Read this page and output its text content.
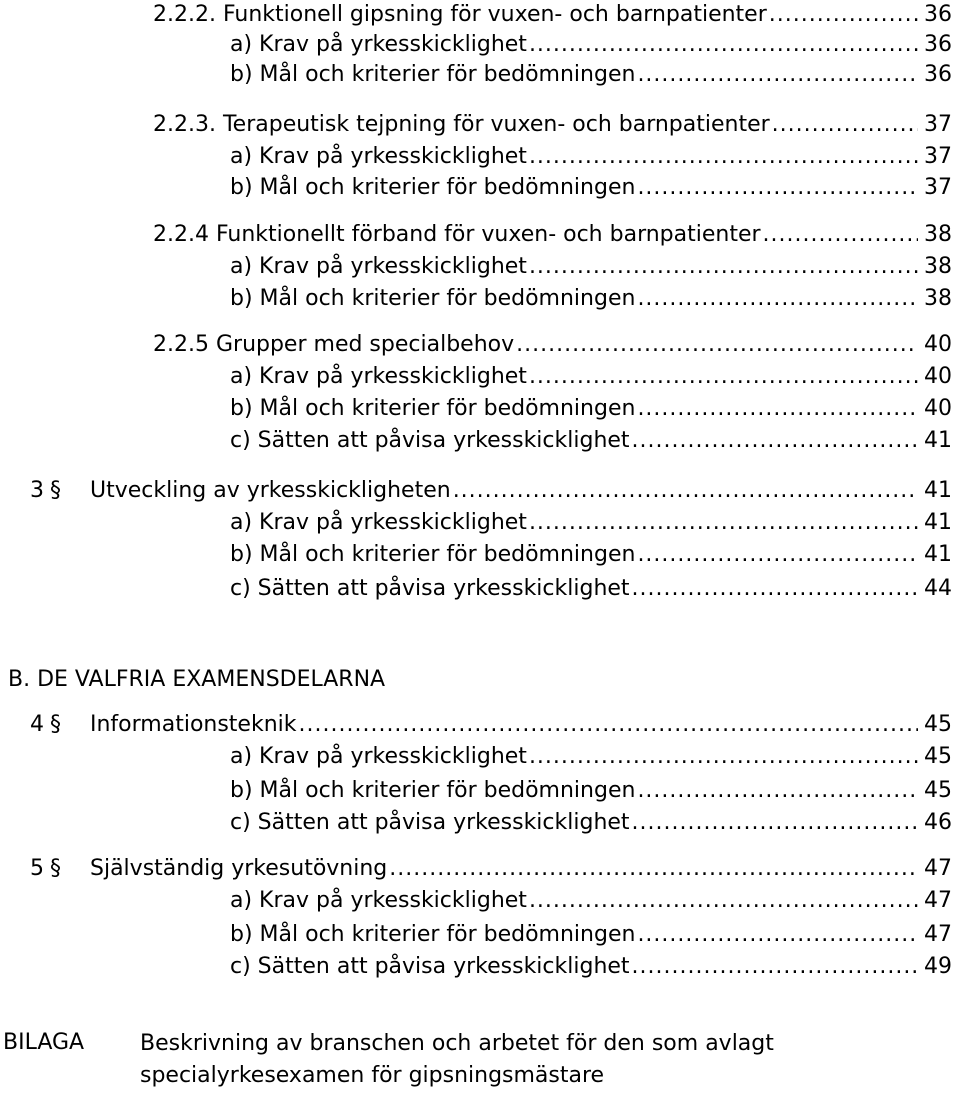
2.2.2. Funktionell gipsning för vuxen- och barnpatienter .....	36
a) Krav på yrkesskicklighet .....	36
b) Mål och kriterier för bedömningen .....	36
2.2.3. Terapeutisk tejpning för vuxen- och barnpatienter .....	37
a) Krav på yrkesskicklighet .....	37
b) Mål och kriterier för bedömningen .....	37
2.2.4 Funktionellt förband för vuxen- och barnpatienter .....	38
a) Krav på yrkesskicklighet .....	38
b) Mål och kriterier för bedömningen .....	38
2.2.5 Grupper med specialbehov .....	40
a) Krav på yrkesskicklighet .....	40
b) Mål och kriterier för bedömningen .....	40
c) Sätten att påvisa yrkesskicklighet .....	41
3 § Utveckling av yrkesskickligheten .....	41
a) Krav på yrkesskicklighet .....	41
b) Mål och kriterier för bedömningen .....	41
c) Sätten att påvisa yrkesskicklighet .....	44
B. DE VALFRIA EXAMENSDELARNA
4 § Informationsteknik .....	45
a) Krav på yrkesskicklighet .....	45
b) Mål och kriterier för bedömningen .....	45
c) Sätten att påvisa yrkesskicklighet .....	46
5 § Självständig yrkesutövning .....	47
a) Krav på yrkesskicklighet .....	47
b) Mål och kriterier för bedömningen .....	47
c) Sätten att påvisa yrkesskicklighet .....	49
BILAGA	Beskrivning av branschen och arbetet för den som avlagt specialyrkesexamen för gipsningsmästare
